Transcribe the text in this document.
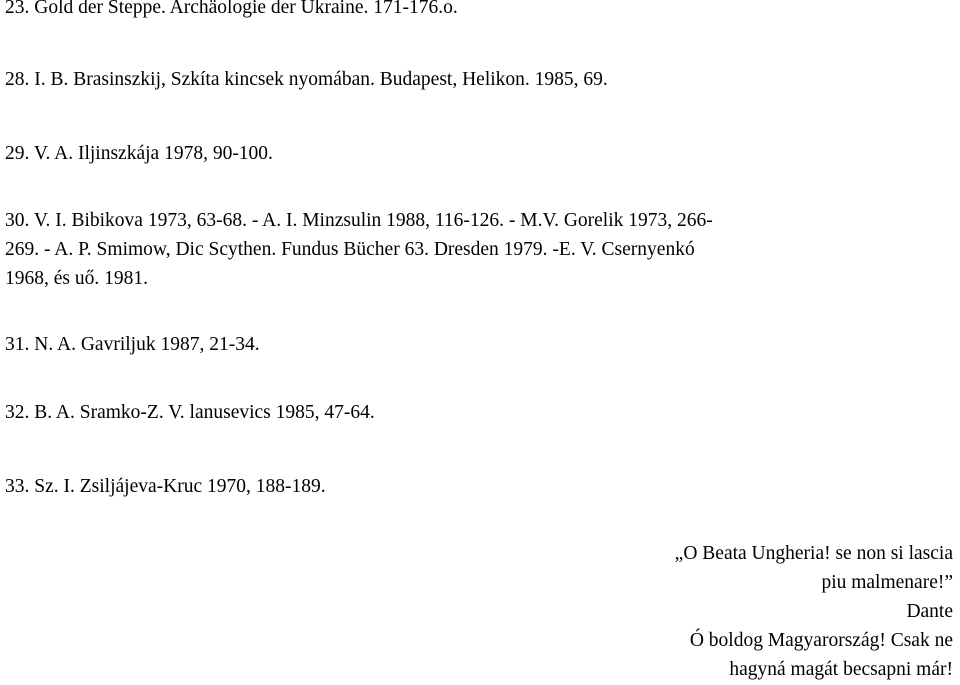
23. Gold der Steppe. Archäologie der Ukraine. 171-176.o.

28. I. B. Brasinszkij, Szkíta kincsek nyomában. Budapest, Helikon. 1985, 69.

29. V. A. Iljinszkája 1978, 90-100.

30. V. I. Bibikova 1973, 63-68. - A. I. Minzsulin 1988, 116-126. - M.V. Gorelik 1973, 266-
269. - A. P. Smimow, Dic Scythen. Fundus Bücher 63. Dresden 1979. -E. V. Csernyenkó
1968, és uő. 1981.

31. N. A. Gavriljuk 1987, 21-34.

32. B. A. Sramko-Z. V. lanusevics 1985, 47-64.

33. Sz. I. Zsiljájeva-Kruc 1970, 188-189.

„O Beata Ungheria! se non si lascia
piu malmenare!”
Dante
Ó boldog Magyarország! Csak ne
hagyná magát becsapni már!
